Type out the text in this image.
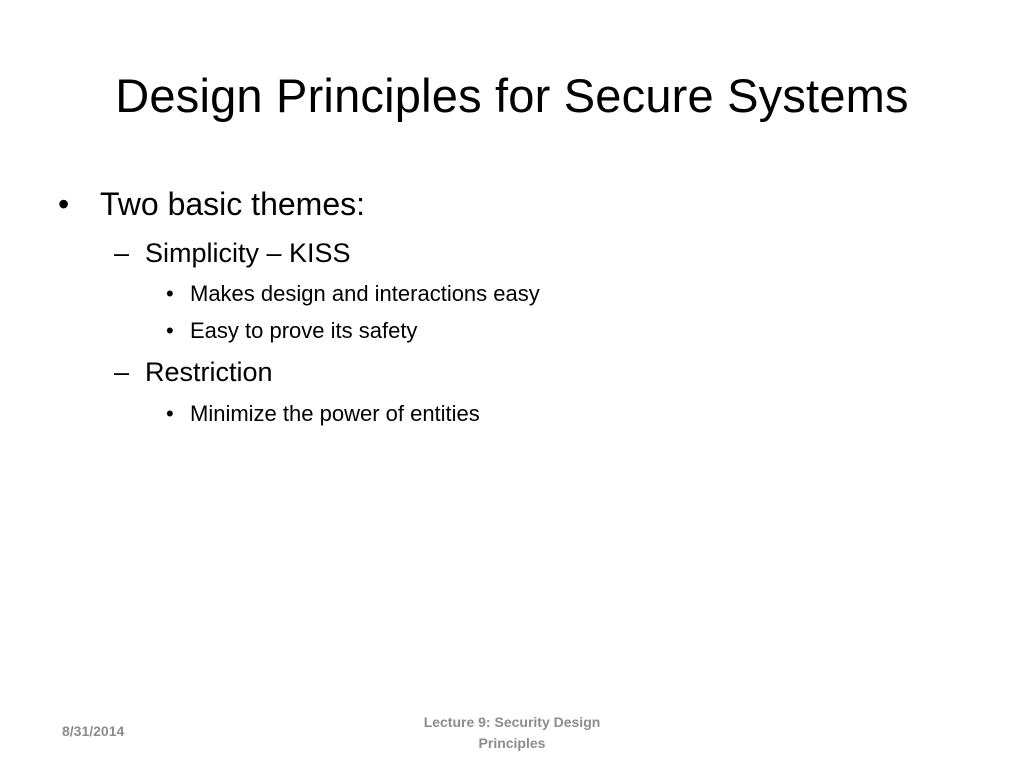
Design Principles for Secure Systems
• Two basic themes:
– Simplicity – KISS
• Makes design and interactions easy
• Easy to prove its safety
– Restriction
• Minimize the power of entities
8/31/2014
Lecture 9: Security Design
Principles
